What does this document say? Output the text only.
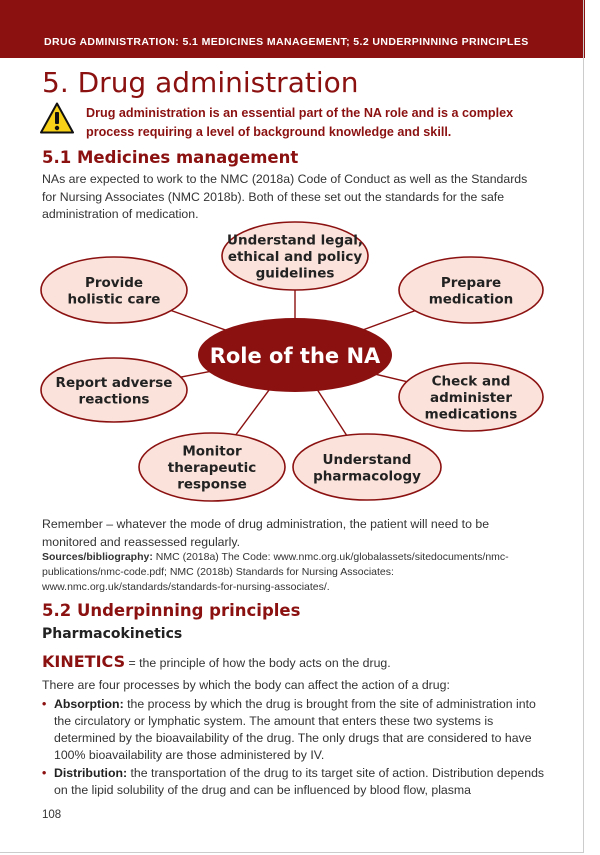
DRUG ADMINISTRATION: 5.1 MEDICINES MANAGEMENT; 5.2 UNDERPINNING PRINCIPLES
5. Drug administration
Drug administration is an essential part of the NA role and is a complex process requiring a level of background knowledge and skill.
5.1 Medicines management
NAs are expected to work to the NMC (2018a) Code of Conduct as well as the Standards for Nursing Associates (NMC 2018b). Both of these set out the standards for the safe administration of medication.
Understand legal,
ethical and policy
guidelines
Prepare
medication
Check and
administer
medications
Understand
pharmacology
Monitor
therapeutic
response
Report adverse
reactions
Provide
holistic care
Role of the NA
Remember – whatever the mode of drug administration, the patient will need to be monitored and reassessed regularly.
Sources/bibliography: NMC (2018a) The Code: www.nmc.org.uk/globalassets/sitedocuments/nmc-publications/nmc-code.pdf; NMC (2018b) Standards for Nursing Associates: www.nmc.org.uk/standards/standards-for-nursing-associates/.
5.2 Underpinning principles
Pharmacokinetics
KINETICS = the principle of how the body acts on the drug.
There are four processes by which the body can affect the action of a drug:
• Absorption: the process by which the drug is brought from the site of administration into the circulatory or lymphatic system. The amount that enters these two systems is determined by the bioavailability of the drug. The only drugs that are considered to have 100% bioavailability are those administered by IV.
• Distribution: the transportation of the drug to its target site of action. Distribution depends on the lipid solubility of the drug and can be influenced by blood flow, plasma
108
